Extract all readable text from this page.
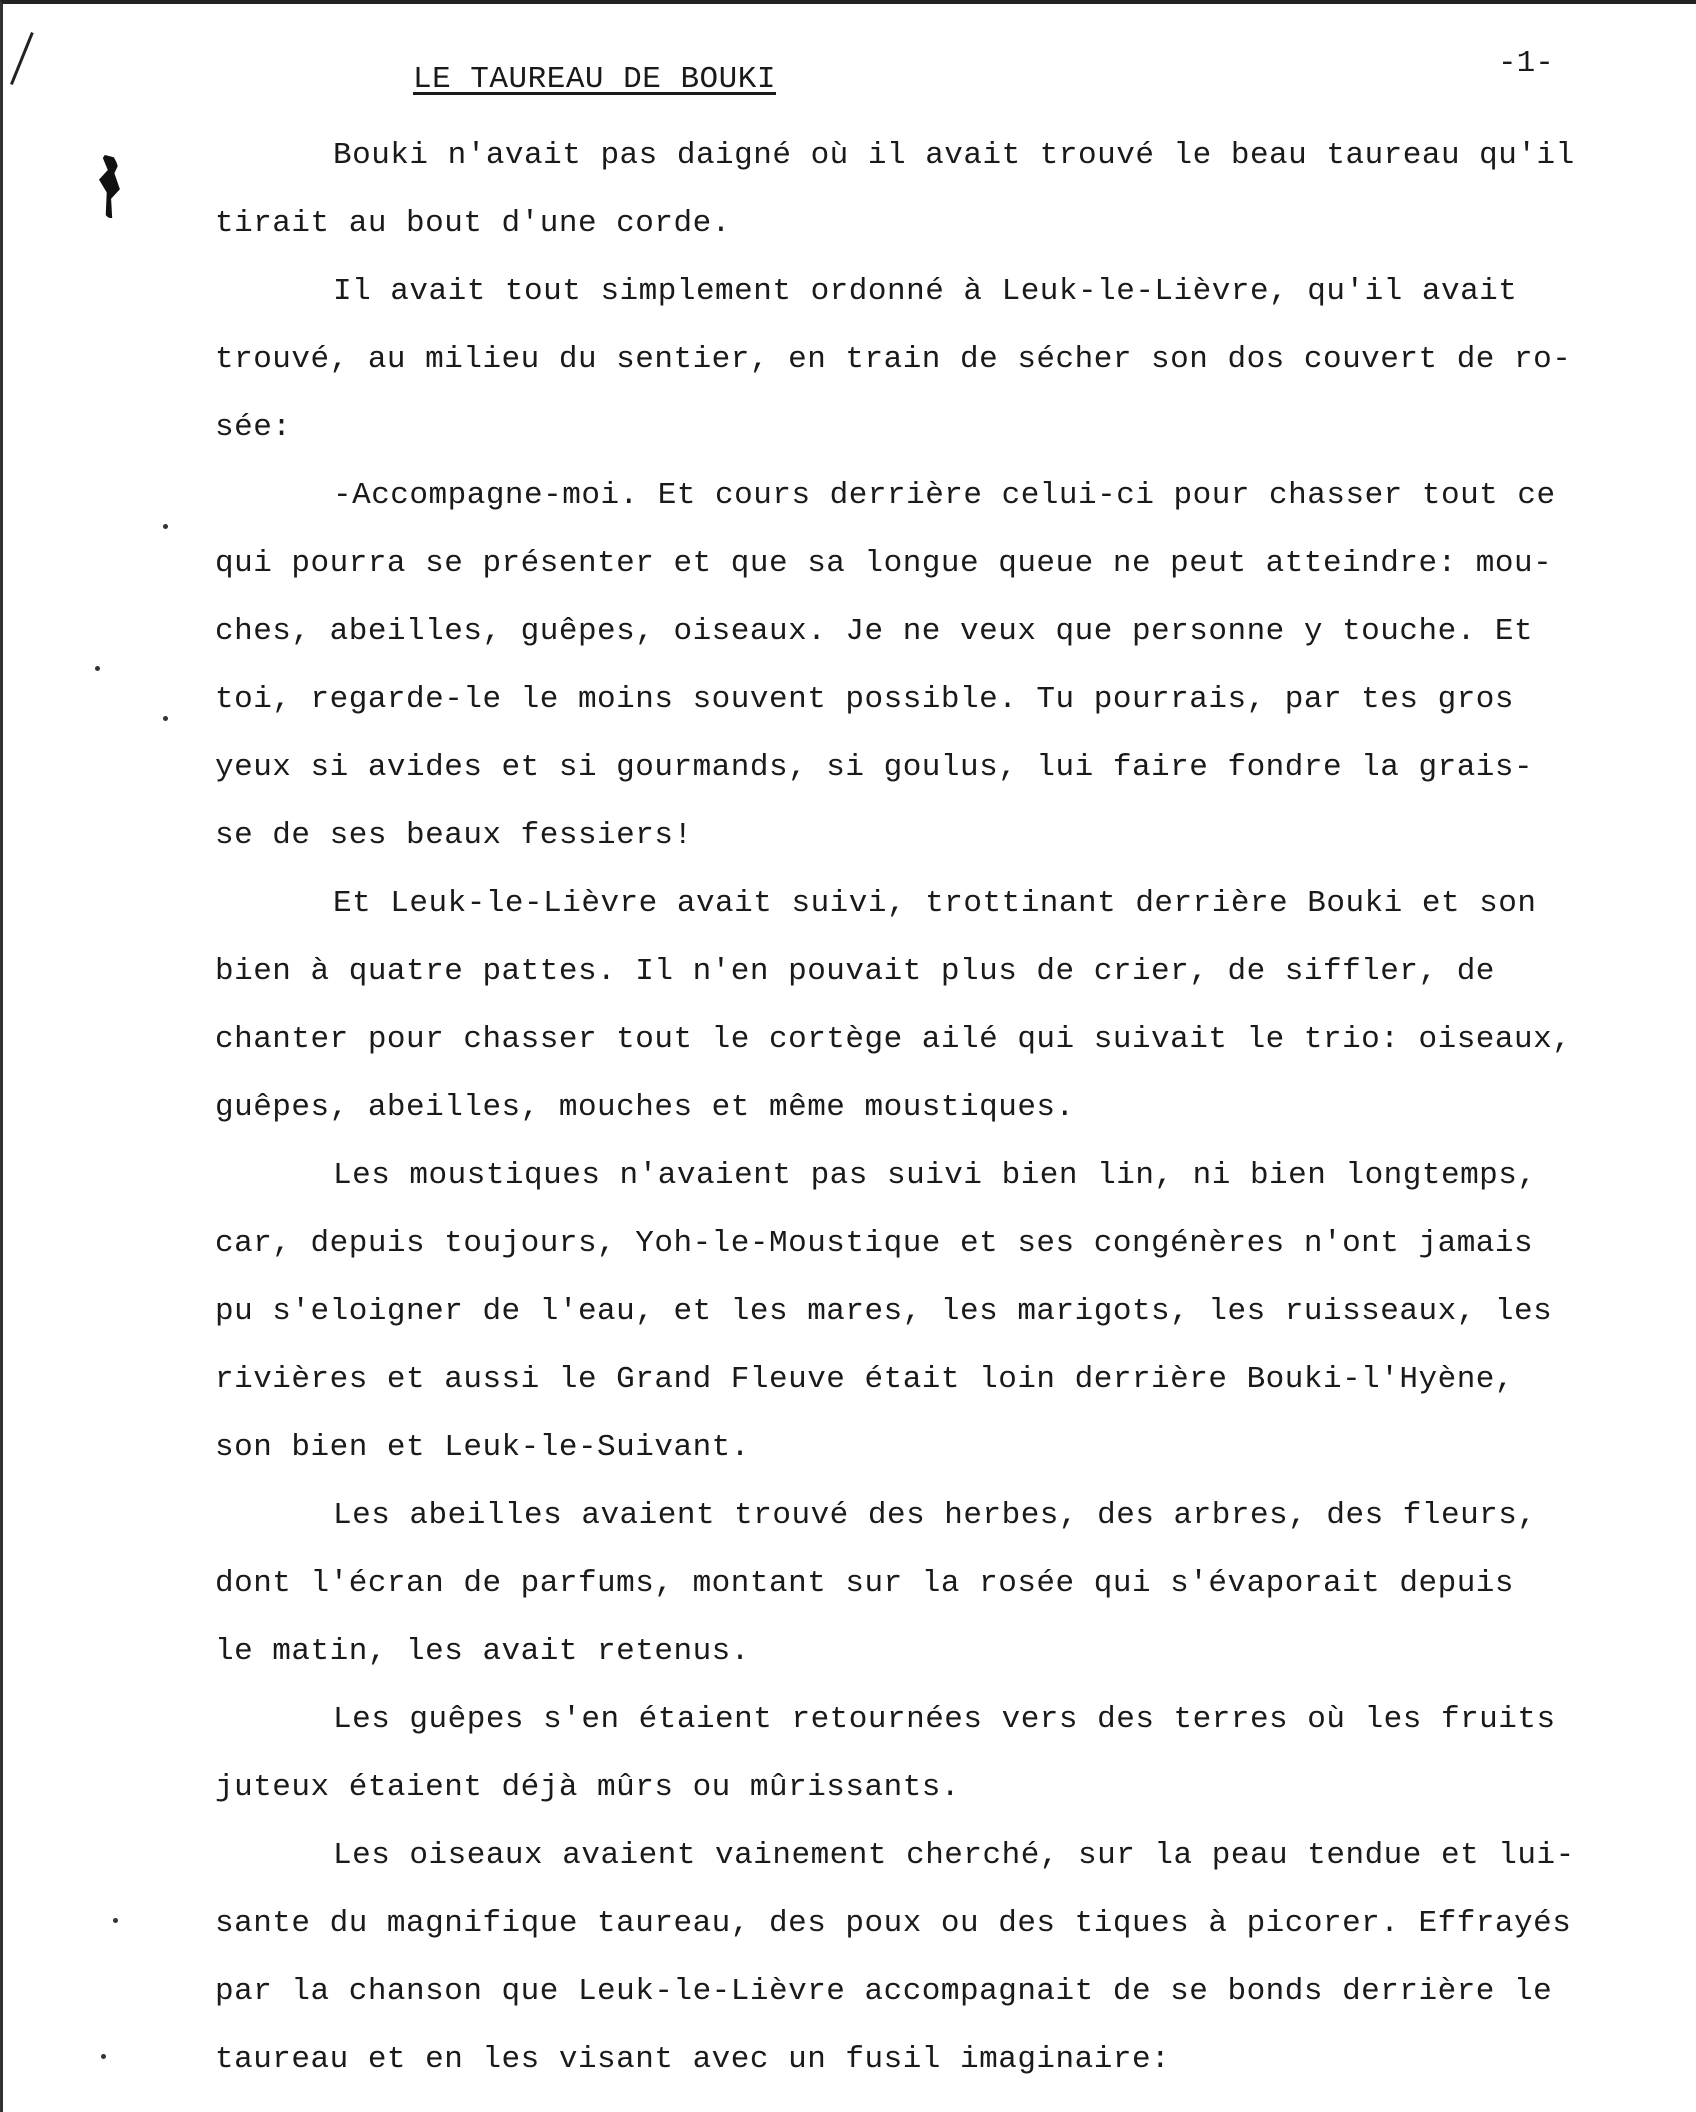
LE TAUREAU DE BOUKI	-1-
Bouki n'avait pas daigné où il avait trouvé le beau taureau qu'il
tirait au bout d'une corde.
Il avait tout simplement ordonné à Leuk-le-Lièvre, qu'il avait
trouvé, au milieu du sentier, en train de sécher son dos couvert de ro-
sée:
-Accompagne-moi. Et cours derrière celui-ci pour chasser tout ce
qui pourra se présenter et que sa longue queue ne peut atteindre: mou-
ches, abeilles, guêpes, oiseaux. Je ne veux que personne y touche. Et
toi, regarde-le le moins souvent possible. Tu pourrais, par tes gros
yeux si avides et si gourmands, si goulus, lui faire fondre la grais-
se de ses beaux fessiers!
Et Leuk-le-Lièvre avait suivi, trottinant derrière Bouki et son
bien à quatre pattes. Il n'en pouvait plus de crier, de siffler, de
chanter pour chasser tout le cortège ailé qui suivait le trio: oiseaux,
guêpes, abeilles, mouches et même moustiques.
Les moustiques n'avaient pas suivi bien lin, ni bien longtemps,
car, depuis toujours, Yoh-le-Moustique et ses congénères n'ont jamais
pu s'eloigner de l'eau, et les mares, les marigots, les ruisseaux, les
rivières et aussi le Grand Fleuve était loin derrière Bouki-l'Hyène,
son bien et Leuk-le-Suivant.
Les abeilles avaient trouvé des herbes, des arbres, des fleurs,
dont l'écran de parfums, montant sur la rosée qui s'évaporait depuis
le matin, les avait retenus.
Les guêpes s'en étaient retournées vers des terres où les fruits
juteux étaient déjà mûrs ou mûrissants.
Les oiseaux avaient vainement cherché, sur la peau tendue et lui-
sante du magnifique taureau, des poux ou des tiques à picorer. Effrayés
par la chanson que Leuk-le-Lièvre accompagnait de se bonds derrière le
taureau et en les visant avec un fusil imaginaire:
